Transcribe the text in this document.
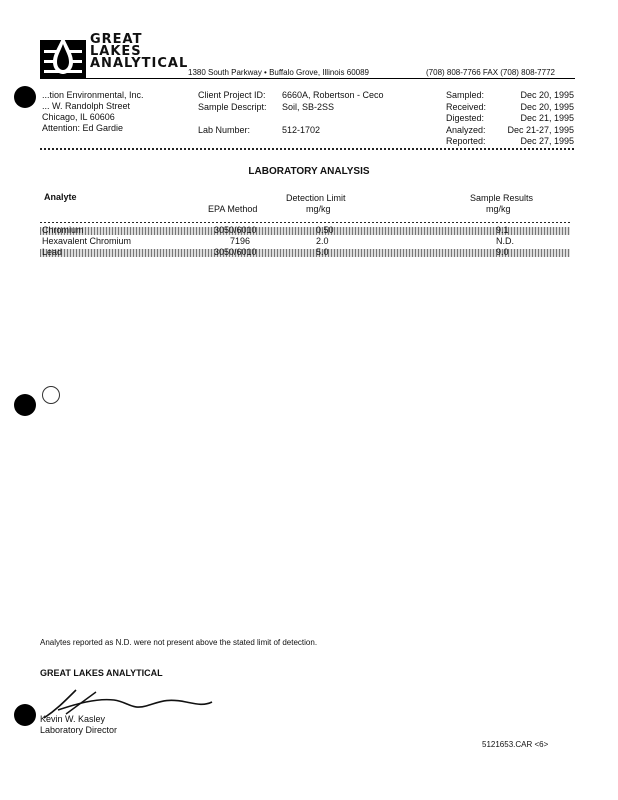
GREAT
LAKES
ANALYTICAL
1380 South Parkway • Buffalo Grove, Illinois 60089	(708) 808-7766 FAX (708) 808-7772
...tion Environmental, Inc.
... W. Randolph Street
Chicago, IL 60606
Attention: Ed Gardie
Client Project ID: 6660A, Robertson - Ceco
Sample Descript: Soil, SB-2SS
Lab Number:	512-1702
Sampled:	Dec 20, 1995
Received:	Dec 20, 1995
Digested:	Dec 21, 1995
Analyzed: Dec 21-27, 1995
Reported:	Dec 27, 1995
LABORATORY ANALYSIS
Analyte
EPA Method
Detection Limit
mg/kg
Sample Results
mg/kg
Chromium	3050/6010	0.50	9.1
Hexavalent Chromium	7196	2.0	N.D.
Lead	3050/6010	5.0	9.0
Analytes reported as N.D. were not present above the stated limit of detection.
GREAT LAKES ANALYTICAL
Kevin W. Kasley
Laboratory Director
5121653.CAR <6>
